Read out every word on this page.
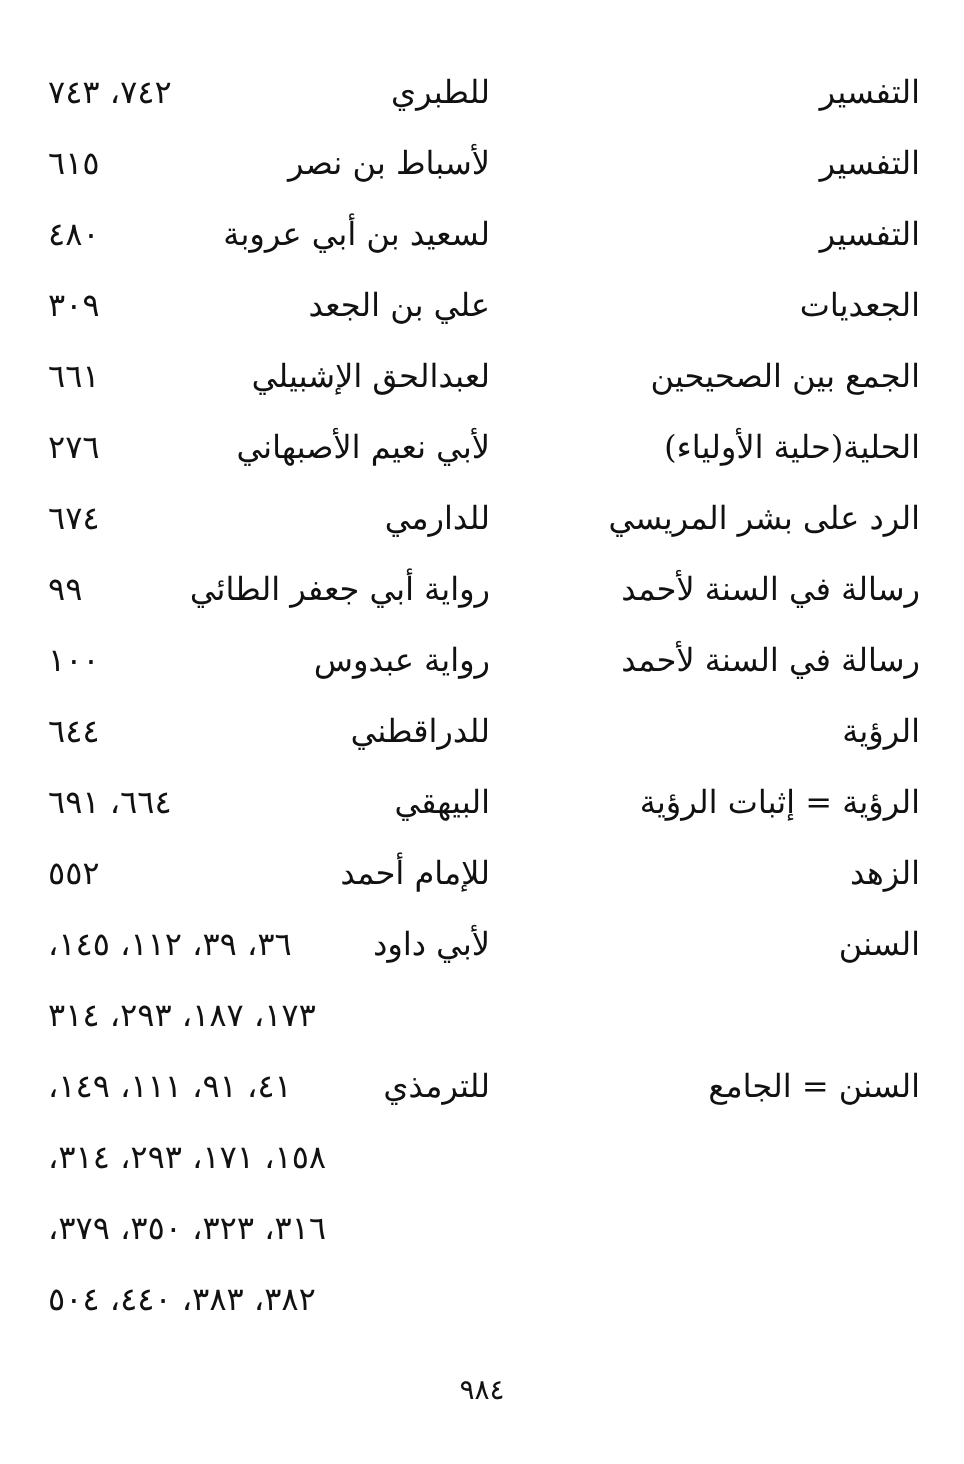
التفسير
للطبري
٧٤٢، ٧٤٣
التفسير
لأسباط بن نصر
٦١٥
التفسير
لسعيد بن أبي عروبة
٤٨٠
الجعديات
علي بن الجعد
٣٠٩
الجمع بين الصحيحين
لعبدالحق الإشبيلي
٦٦١
الحلية(حلية الأولياء)
لأبي نعيم الأصبهاني
٢٧٦
الرد على بشر المريسي
للدارمي
٦٧٤
رسالة في السنة لأحمد
رواية أبي جعفر الطائي
٩٩
رسالة في السنة لأحمد
رواية عبدوس
١٠٠
الرؤية
للدراقطني
٦٤٤
الرؤية = إثبات الرؤية
البيهقي
٦٦٤، ٦٩١
الزهد
للإمام أحمد
٥٥٢
السنن
لأبي داود
٣٦، ٣٩، ١١٢، ١٤٥،
١٧٣، ١٨٧، ٢٩٣، ٣١٤
السنن = الجامع
للترمذي
٤١، ٩١، ١١١، ١٤٩،
١٥٨، ١٧١، ٢٩٣، ٣١٤،
٣١٦، ٣٢٣، ٣٥٠، ٣٧٩،
٣٨٢، ٣٨٣، ٤٤٠، ٥٠٤
٩٨٤
